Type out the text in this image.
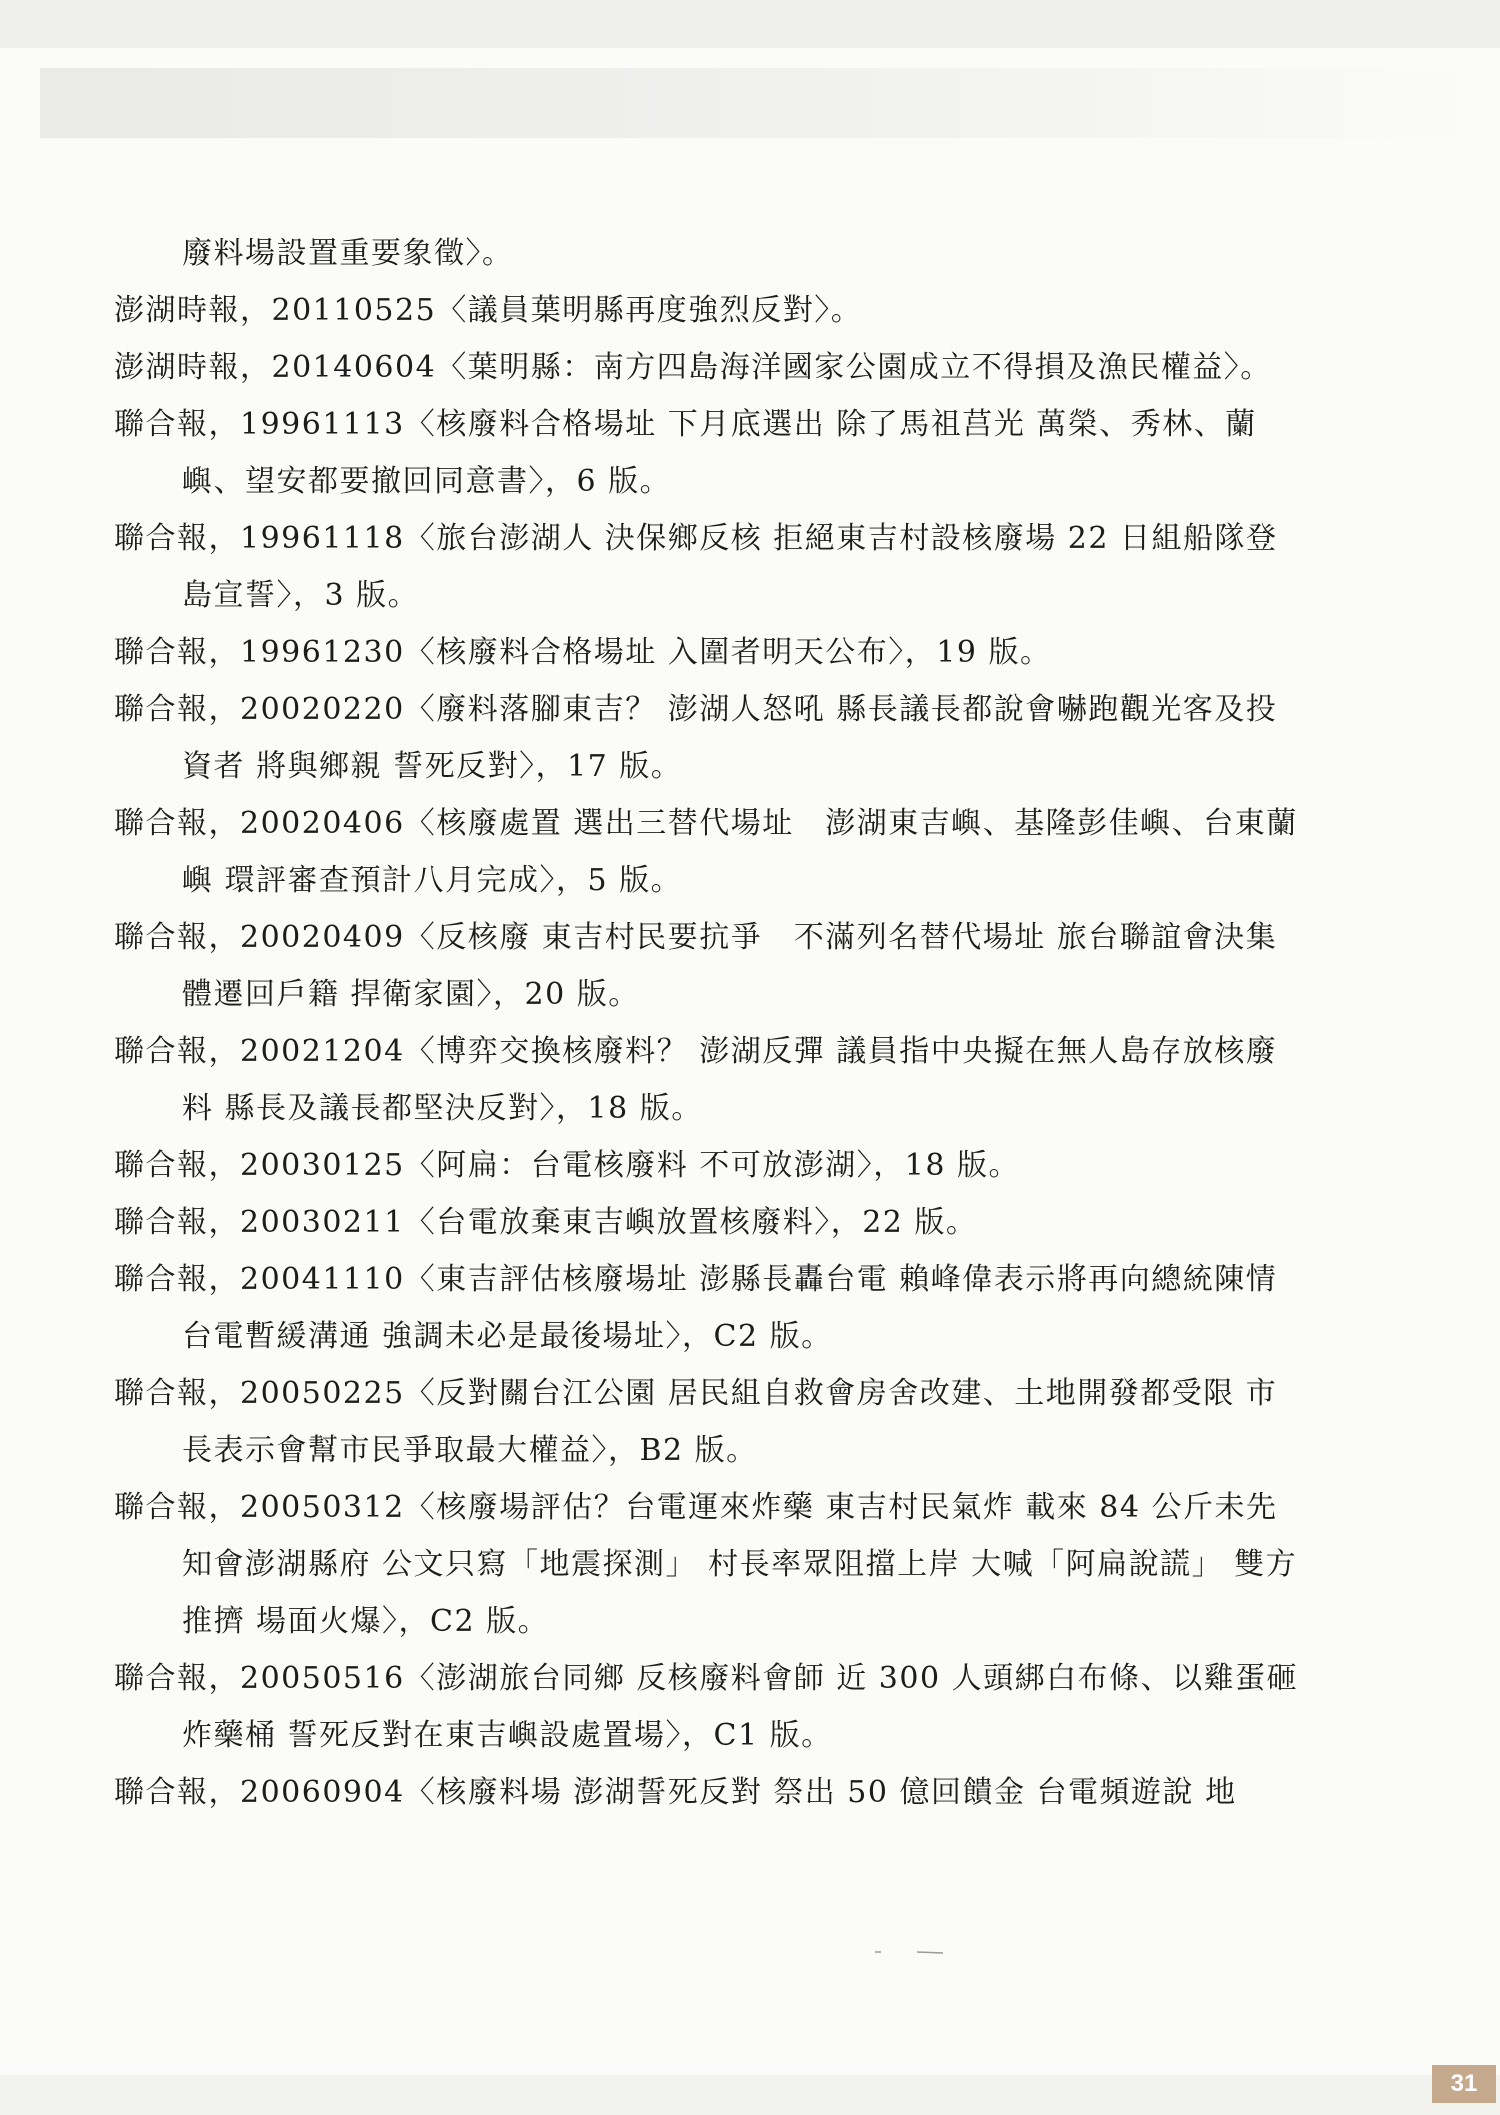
廢料場設置重要象徵〉。
澎湖時報，20110525〈議員葉明縣再度強烈反對〉。
澎湖時報，20140604〈葉明縣：南方四島海洋國家公園成立不得損及漁民權益〉。
聯合報，19961113〈核廢料合格場址 下月底選出 除了馬祖莒光 萬榮、秀林、蘭嶼、望安都要撤回同意書〉，6 版。
聯合報，19961118〈旅台澎湖人 決保鄉反核 拒絕東吉村設核廢場 22 日組船隊登島宣誓〉，3 版。
聯合報，19961230〈核廢料合格場址 入圍者明天公布〉，19 版。
聯合報，20020220〈廢料落腳東吉？ 澎湖人怒吼 縣長議長都說會嚇跑觀光客及投資者 將與鄉親 誓死反對〉，17 版。
聯合報，20020406〈核廢處置 選出三替代場址　澎湖東吉嶼、基隆彭佳嶼、台東蘭嶼 環評審查預計八月完成〉，5 版。
聯合報，20020409〈反核廢 東吉村民要抗爭　不滿列名替代場址 旅台聯誼會決集體遷回戶籍 捍衛家園〉，20 版。
聯合報，20021204〈博弈交換核廢料？ 澎湖反彈 議員指中央擬在無人島存放核廢料 縣長及議長都堅決反對〉，18 版。
聯合報，20030125〈阿扁：台電核廢料 不可放澎湖〉，18 版。
聯合報，20030211〈台電放棄東吉嶼放置核廢料〉，22 版。
聯合報，20041110〈東吉評估核廢場址 澎縣長轟台電 賴峰偉表示將再向總統陳情 台電暫緩溝通 強調未必是最後場址〉，C2 版。
聯合報，20050225〈反對關台江公園 居民組自救會房舍改建、土地開發都受限 市長表示會幫市民爭取最大權益〉，B2 版。
聯合報，20050312〈核廢場評估？台電運來炸藥 東吉村民氣炸 載來 84 公斤未先知會澎湖縣府 公文只寫「地震探測」 村長率眾阻擋上岸 大喊「阿扁說謊」 雙方推擠 場面火爆〉，C2 版。
聯合報，20050516〈澎湖旅台同鄉 反核廢料會師 近 300 人頭綁白布條、以雞蛋砸炸藥桶 誓死反對在東吉嶼設處置場〉，C1 版。
聯合報，20060904〈核廢料場 澎湖誓死反對 祭出 50 億回饋金 台電頻遊說 地
31
